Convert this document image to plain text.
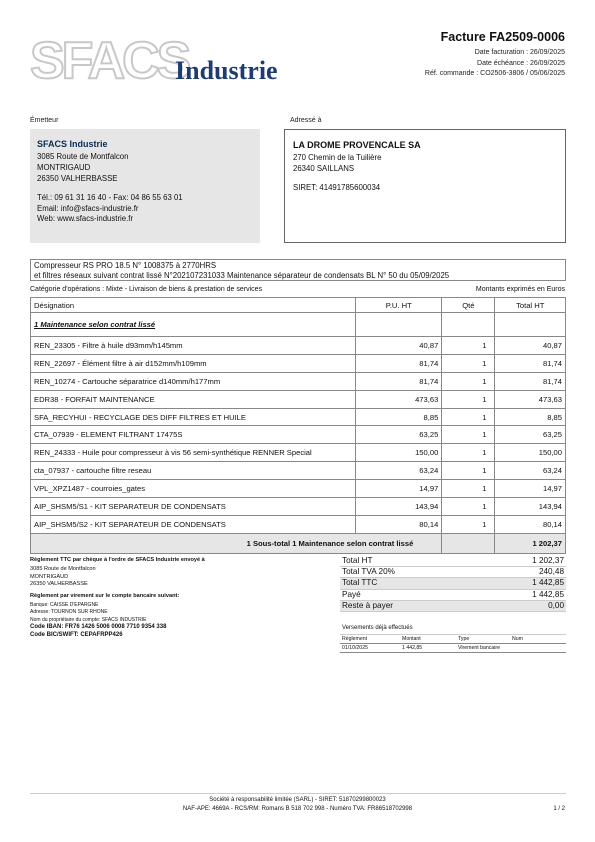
SFACS
Industrie
Facture FA2509-0006
Date facturation : 26/09/2025
Date échéance : 26/09/2025
Réf. commande : CO2506-3806 / 05/06/2025
Émetteur
SFACS Industrie
3085 Route de Montfalcon
MONTRIGAUD
26350 VALHERBASSE
Tél.: 09 61 31 16 40 - Fax: 04 86 55 63 01
Email: info@sfacs-industrie.fr
Web: www.sfacs-industrie.fr
Adressé à
LA DROME PROVENCALE SA
270 Chemin de la Tuilière
26340 SAILLANS
SIRET: 41491785600034
Compresseur RS PRO 18.5 N° 1008375 à 2770HRS
et filtres réseaux suivant contrat lissé N°202107231033 Maintenance séparateur de condensats BL N° 50 du 05/09/2025
Catégorie d'opérations : Mixte - Livraison de biens & prestation de services	Montants exprimés en Euros
Désignation	P.U. HT	Qté	Total HT
1 Maintenance selon contrat lissé			
REN_23305 - Filtre à huile d93mm/h145mm	40,87	1	40,87
REN_22697 - Élément filtre à air d152mm/h109mm	81,74	1	81,74
REN_10274 - Cartouche séparatrice d140mm/h177mm	81,74	1	81,74
EDR38 - FORFAIT MAINTENANCE	473,63	1	473,63
SFA_RECYHUI - RECYCLAGE DES DIFF FILTRES ET HUILE	8,85	1	8,85
CTA_07939 - ELEMENT FILTRANT 17475S	63,25	1	63,25
REN_24333 - Huile pour compresseur à vis 56 semi-synthétique RENNER Special	150,00	1	150,00
cta_07937 - cartouche filtre reseau	63,24	1	63,24
VPL_XPZ1487 - courroies_gates	14,97	1	14,97
AIP_SHSM5/S1 - KIT SEPARATEUR DE CONDENSATS	143,94	1	143,94
AIP_SHSM5/S2 - KIT SEPARATEUR DE CONDENSATS	80,14	1	80,14
1 Sous-total 1 Maintenance selon contrat lissé			1 202,37
Règlement TTC par chèque à l'ordre de SFACS Industrie envoyé à
3085 Route de Montfalcon
MONTRIGAUD
26350 VALHERBASSE
Règlement par virement sur le compte bancaire suivant:
Banque: CAISSE D'EPARGNE
Adresse: TOURNON SUR RHONE
Nom du propriétaire du compte: SFACS INDUSTRIE
Code IBAN: FR76 1426 5006 0008 7710 9354 338
Code BIC/SWIFT: CEPAFRPP426
Total HT	1 202,37
Total TVA 20%	240,48
Total TTC	1 442,85
Payé	1 442,85
Reste à payer	0,00
Versements déjà effectués
Règlement	Montant	Type	Num
01/10/2025	1 442,85	Virement bancaire
Société à responsabilité limitée (SARL) - SIRET: 51870299800023
NAF-APE: 4669A - RCS/RM: Romans B 518 702 998 - Numéro TVA: FR86518702998	1 / 2
